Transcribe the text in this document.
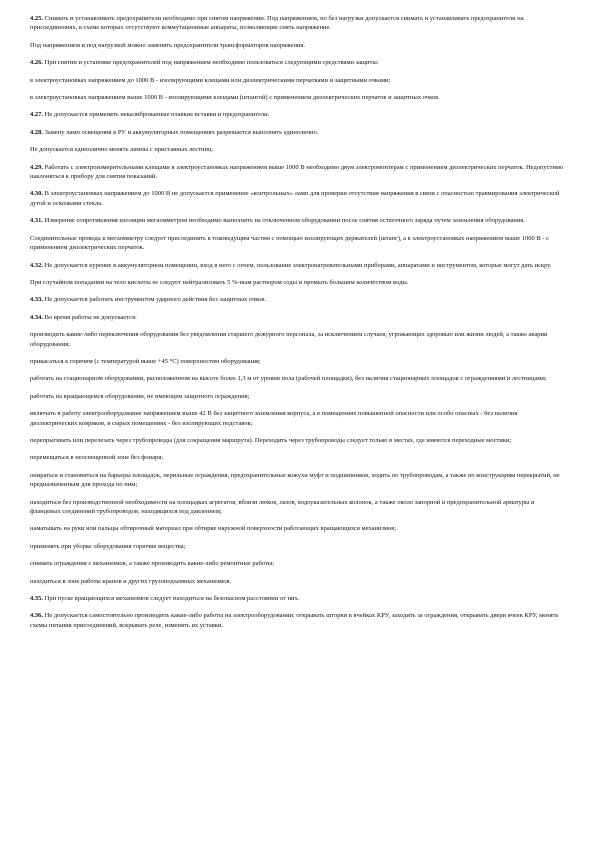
4.25. Снимать и устанавливать предохранители необходимо при снятом напряжении. Под напряжением, но без нагрузки допускается снимать и устанавливать предохранители на присоединениях, в схеме которых отсутствуют коммутационные аппараты, позволяющие снять напряжение.

Под напряжением и под нагрузкой можно заменять предохранители трансформаторов напряжения.

4.26. При снятии и установке предохранителей под напряжением необходимо пользоваться следующими средствами защиты:

в электроустановках напряжением до 1000 В - изолирующими клещами или диэлектрическими перчатками и защитными очками;

в электроустановках напряжением выше 1000 В - изолирующими клещами (штангой) с применением диэлектрических перчаток и защитных очков.

4.27. Не допускается применять некалиброванные плавкие вставки и предохранители.

4.28. Замену ламп освещения в РУ и аккумуляторных помещениях разрешается выполнять единолично.

Не допускается единолично менять лампы с приставных лестниц.

4.29. Работать с электроизмерительными клещами в электроустановках напряжением выше 1000 В необходимо двум электромонтерам с применением диэлектрических перчаток. Недопустимо наклоняться к прибору для снятия показаний.

4.30. В электроустановках напряжением до 1000 В не допускается применение «контрольных» ламп для проверки отсутствия напряжения в связи с опасностью травмирования электрической дугой и осколками стекла.

4.31. Измерение сопротивления изоляции мегаомметром необходимо выполнять на отключенном оборудовании после снятия остаточного заряда путем заземления оборудования.

Соединительные провода к мегаомметру следует присоединять к токоведущим частям с помощью изолирующих держателей (штанг), а в электроустановках напряжением выше 1000 В - с применением диэлектрических перчаток.

4.32. Не допускается курение в аккумуляторном помещении, вход в него с огнем, пользование электронагревательными приборами, аппаратами и инструментом, которые могут дать искру.

При случайном попадании на тело кислоты ее следует нейтрализовать 5 %-ным раствором соды и промыть большим количеством воды.

4.33. Не допускается работать инструментом ударного действия без защитных очков.

4.34. Во время работы не допускается:

производить какие-либо переключения оборудования без уведомления старшего дежурного персонала, за исключением случаев, угрожающих здоровью или жизни людей, а также аварии оборудования;

прикасаться к горячим (с температурой выше +45 °С) поверхностям оборудования;

работать на стационарном оборудовании, расположенном на высоте более 1,3 м от уровня пола (рабочей площадки), без наличия стационарных площадок с ограждениями и лестницами;

работать на вращающемся оборудовании, не имеющем защитного ограждения;

включать в работу электрооборудование напряжением выше 42 В без защитного заземления корпуса, а в помещениях повышенной опасности или особо опасных - без наличия диэлектрических ковриков, в сырых помещениях - без изолирующих подставок;

перепрыгивать или перелезать через трубопроводы (для сокращения маршрута). Переходить через трубопроводы следует только в местах, где имеются переходные мостики;

перемещаться в неосвещенной зоне без фонаря;

опираться и становиться на барьеры площадок, перильные ограждения, предохранительные кожухи муфт и подшипников, ходить по трубопроводам, а также по конструкциям перекрытий, не предназначенным для прохода по ним;

находиться без производственной необходимости на площадках агрегатов, вблизи люков, лазов, водоуказательных колонок, а также около запорной и предохранительной арматуры и фланцевых соединений трубопроводов, находящихся под давлением;

наматывать на руки или пальцы обтирочный материал при обтирке наружной поверхности работающих вращающихся механизмов;

применять при уборке оборудования горючие вещества;

снимать ограждения с механизмов, а также производить какие-либо ремонтные работы;

находиться в зоне работы кранов и других грузоподъемных механизмов.

4.35. При пуске вращающихся механизмов следует находиться на безопасном расстоянии от них.

4.36. Не допускается самостоятельно производить какие-либо работы на электрооборудовании: открывать шторки в ячейках КРУ, заходить за ограждения, открывать двери ячеек КРУ, менять схемы питания присоединений, вскрывать реле, изменять их уставки.
